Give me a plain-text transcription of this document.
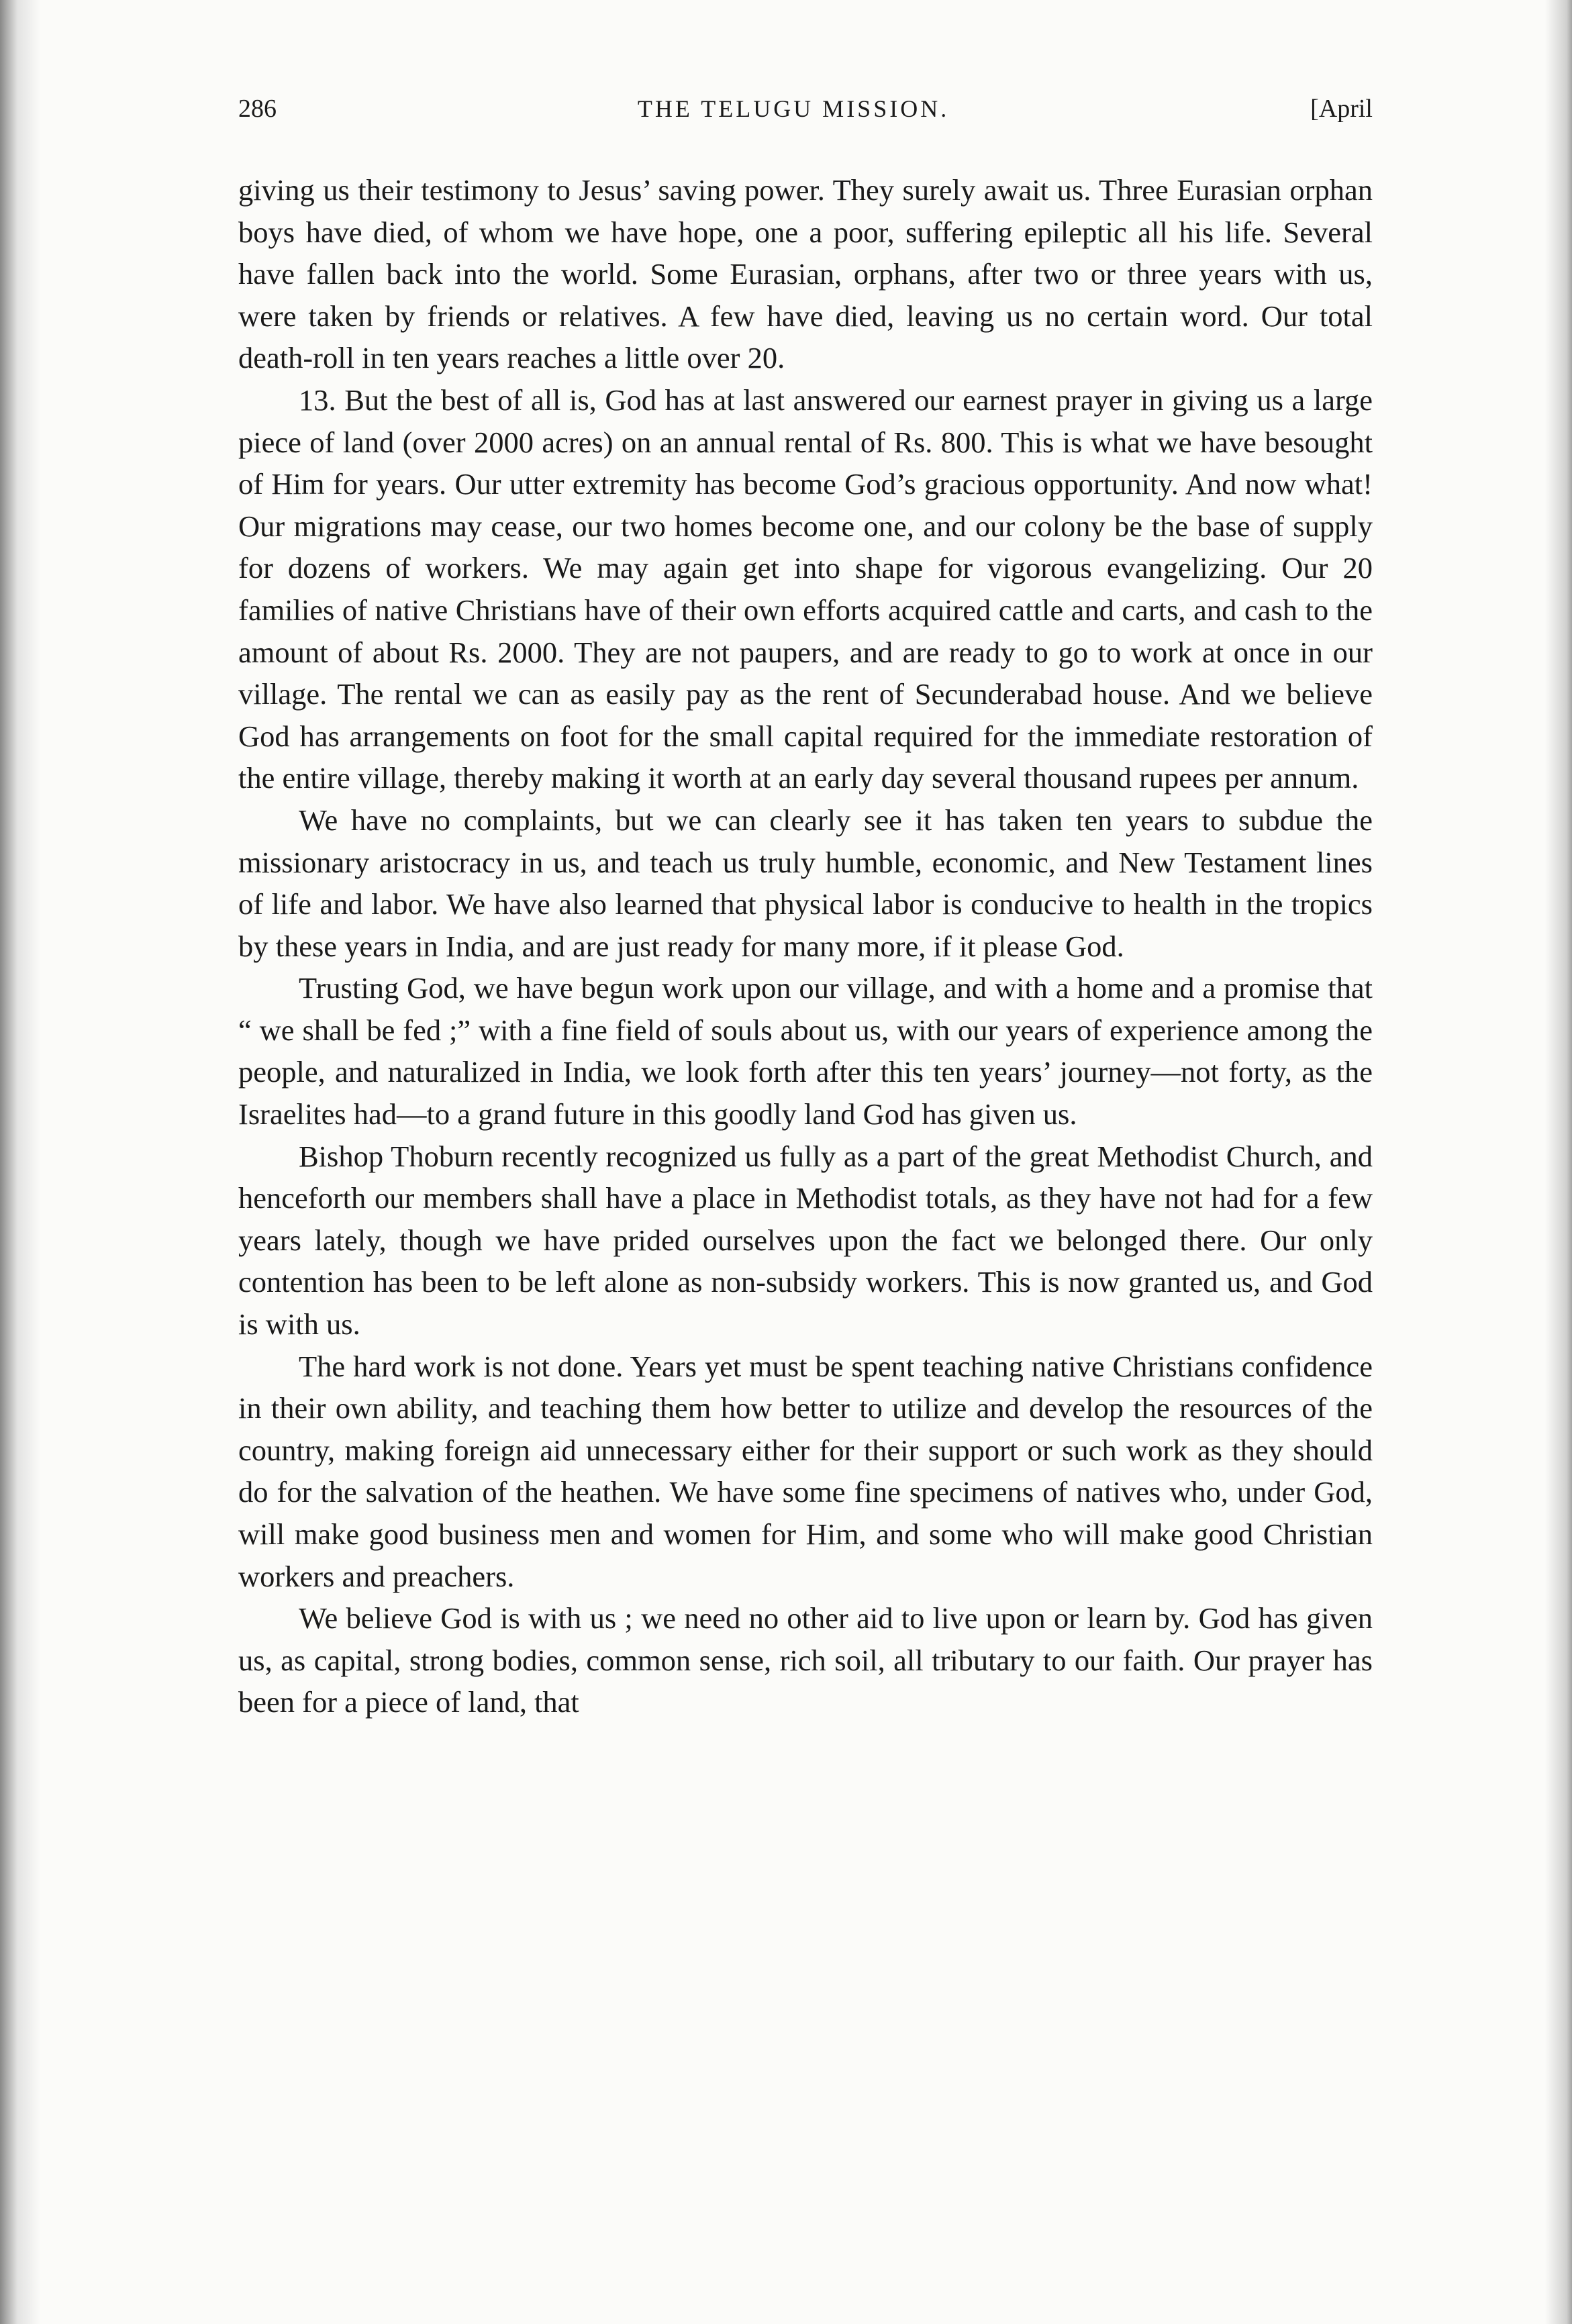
286	THE TELUGU MISSION.	[April

giving us their testimony to Jesus’ saving power. They surely await us. Three Eurasian orphan boys have died, of whom we have hope, one a poor, suffering epileptic all his life. Several have fallen back into the world. Some Eurasian, orphans, after two or three years with us, were taken by friends or relatives. A few have died, leaving us no certain word. Our total death-roll in ten years reaches a little over 20.

13. But the best of all is, God has at last answered our earnest prayer in giving us a large piece of land (over 2000 acres) on an annual rental of Rs. 800. This is what we have besought of Him for years. Our utter extremity has become God’s gracious opportunity. And now what! Our migrations may cease, our two homes become one, and our colony be the base of supply for dozens of workers. We may again get into shape for vigorous evangelizing. Our 20 families of native Christians have of their own efforts acquired cattle and carts, and cash to the amount of about Rs. 2000. They are not paupers, and are ready to go to work at once in our village. The rental we can as easily pay as the rent of Secunderabad house. And we believe God has arrangements on foot for the small capital required for the immediate restoration of the entire village, thereby making it worth at an early day several thousand rupees per annum.

We have no complaints, but we can clearly see it has taken ten years to subdue the missionary aristocracy in us, and teach us truly humble, economic, and New Testament lines of life and labor. We have also learned that physical labor is conducive to health in the tropics by these years in India, and are just ready for many more, if it please God.

Trusting God, we have begun work upon our village, and with a home and a promise that “ we shall be fed ;” with a fine field of souls about us, with our years of experience among the people, and naturalized in India, we look forth after this ten years’ journey—not forty, as the Israelites had—to a grand future in this goodly land God has given us.

Bishop Thoburn recently recognized us fully as a part of the great Methodist Church, and henceforth our members shall have a place in Methodist totals, as they have not had for a few years lately, though we have prided ourselves upon the fact we belonged there. Our only contention has been to be left alone as non-subsidy workers. This is now granted us, and God is with us.

The hard work is not done. Years yet must be spent teaching native Christians confidence in their own ability, and teaching them how better to utilize and develop the resources of the country, making foreign aid unnecessary either for their support or such work as they should do for the salvation of the heathen. We have some fine specimens of natives who, under God, will make good business men and women for Him, and some who will make good Christian workers and preachers.

We believe God is with us ; we need no other aid to live upon or learn by. God has given us, as capital, strong bodies, common sense, rich soil, all tributary to our faith. Our prayer has been for a piece of land, that
